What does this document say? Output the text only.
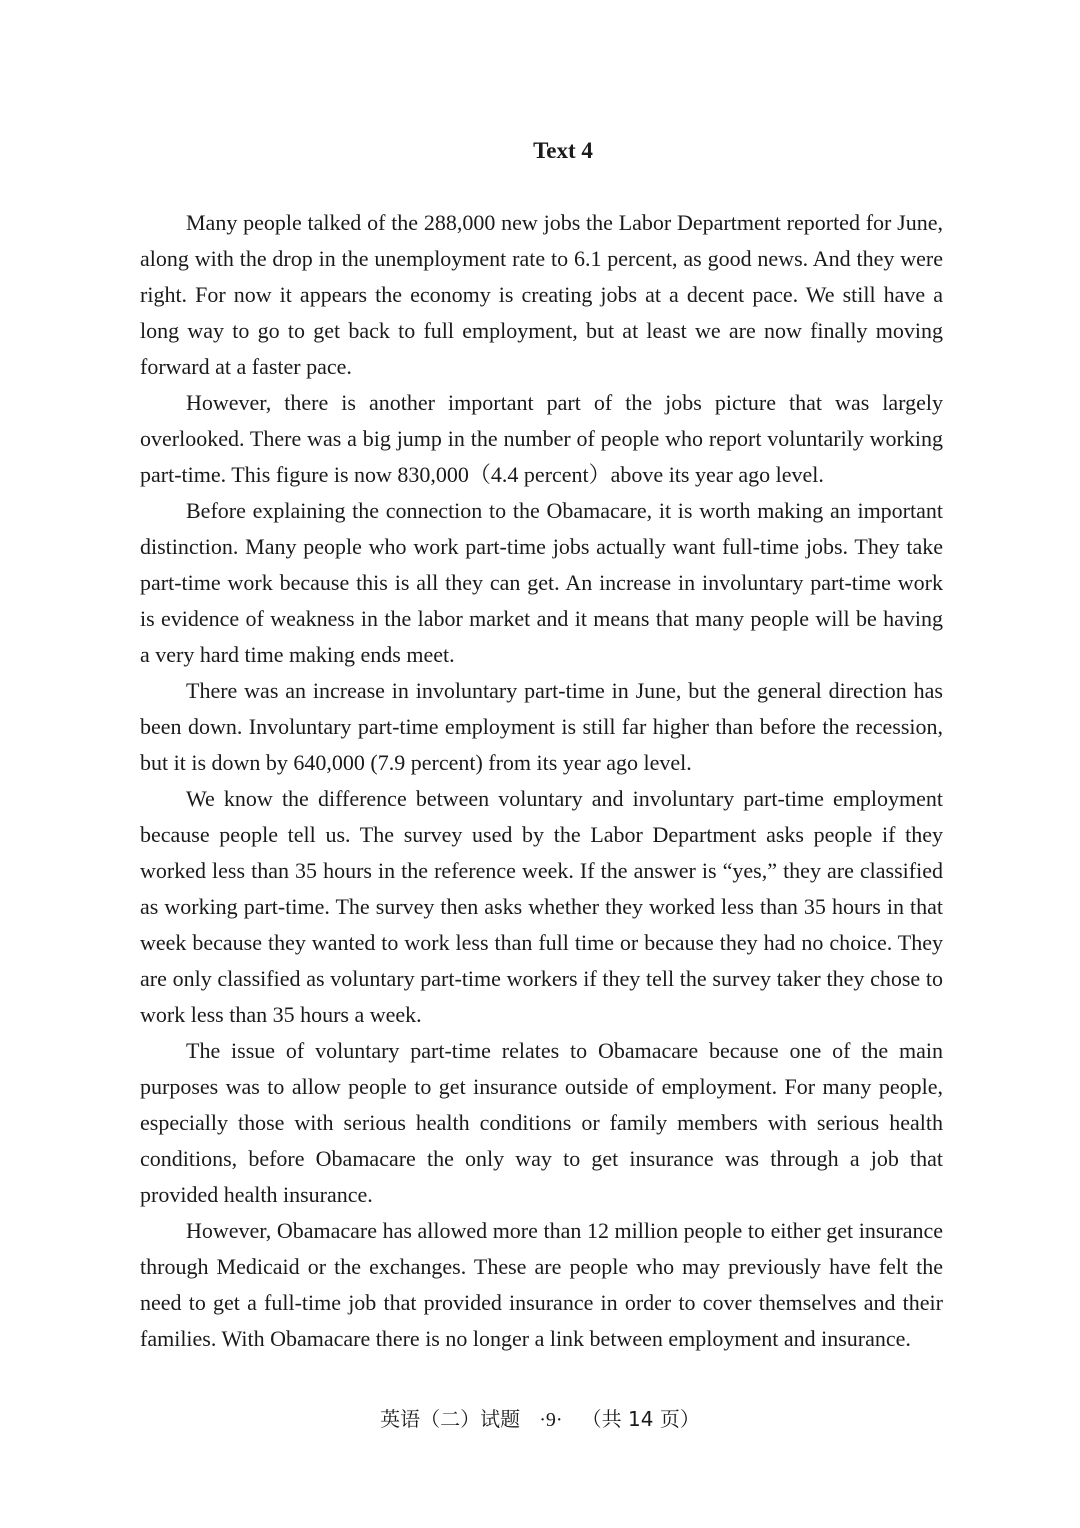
Text 4

Many people talked of the 288,000 new jobs the Labor Department reported for June, along with the drop in the unemployment rate to 6.1 percent, as good news. And they were right. For now it appears the economy is creating jobs at a decent pace. We still have a long way to go to get back to full employment, but at least we are now finally moving forward at a faster pace.

However, there is another important part of the jobs picture that was largely overlooked. There was a big jump in the number of people who report voluntarily working part-time. This figure is now 830,000（4.4 percent）above its year ago level.

Before explaining the connection to the Obamacare, it is worth making an important distinction. Many people who work part-time jobs actually want full-time jobs. They take part-time work because this is all they can get. An increase in involuntary part-time work is evidence of weakness in the labor market and it means that many people will be having a very hard time making ends meet.

There was an increase in involuntary part-time in June, but the general direction has been down. Involuntary part-time employment is still far higher than before the recession, but it is down by 640,000 (7.9 percent) from its year ago level.

We know the difference between voluntary and involuntary part-time employment because people tell us. The survey used by the Labor Department asks people if they worked less than 35 hours in the reference week. If the answer is “yes,” they are classified as working part-time. The survey then asks whether they worked less than 35 hours in that week because they wanted to work less than full time or because they had no choice. They are only classified as voluntary part-time workers if they tell the survey taker they chose to work less than 35 hours a week.

The issue of voluntary part-time relates to Obamacare because one of the main purposes was to allow people to get insurance outside of employment. For many people, especially those with serious health conditions or family members with serious health conditions, before Obamacare the only way to get insurance was through a job that provided health insurance.

However, Obamacare has allowed more than 12 million people to either get insurance through Medicaid or the exchanges. These are people who may previously have felt the need to get a full-time job that provided insurance in order to cover themselves and their families. With Obamacare there is no longer a link between employment and insurance.

英语（二）试题 ·9· （共 14 页）
